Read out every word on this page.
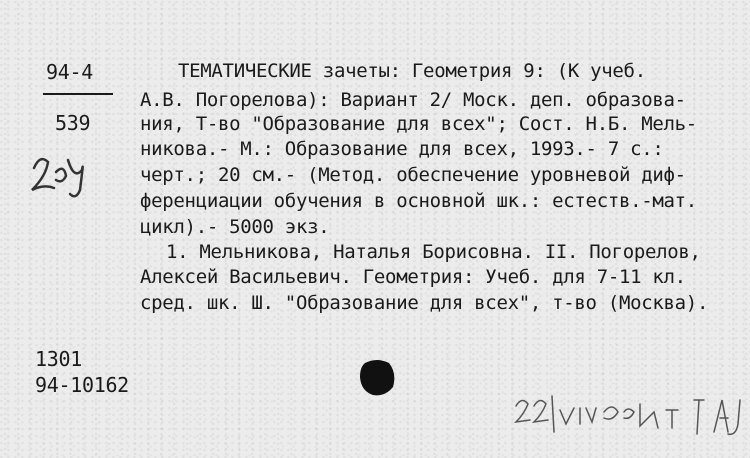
94-4
539
ТЕМАТИЧЕСКИЕ зачеты: Геометрия 9: (К учеб.
А.В. Погорелова): Вариант 2/ Моск. деп. образова-
ния, Т-во "Образование для всех"; Сост. Н.Б. Мель-
никова.- М.: Образование для всех, 1993.- 7 с.:
черт.; 20 см.- (Метод. обеспечение уровневой диф-
ференциации обучения в основной шк.: естеств.-мат.
цикл).- 5000 экз.
1. Мельникова, Наталья Борисовна. II. Погорелов,
Алексей Васильевич. Геометрия: Учеб. для 7-11 кл.
сред. шк. Ш. "Образование для всех", т-во (Москва).
1301
94-10162
